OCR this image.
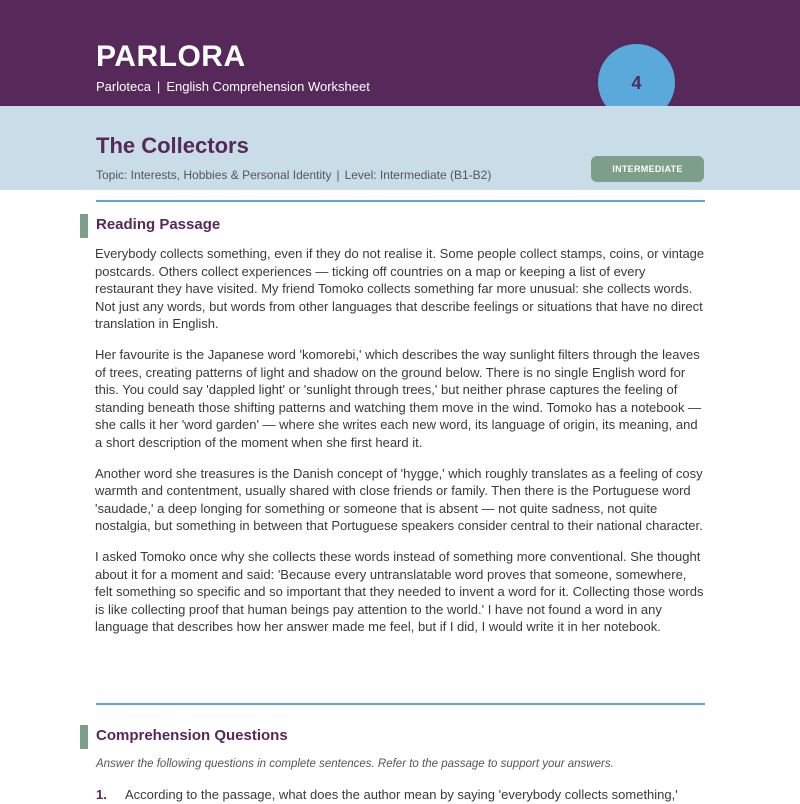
PARLORA
Parloteca | English Comprehension Worksheet	4
The Collectors
Topic: Interests, Hobbies & Personal Identity | Level: Intermediate (B1-B2)	INTERMEDIATE
Reading Passage

Everybody collects something, even if they do not realise it. Some people collect stamps, coins, or vintage postcards. Others collect experiences — ticking off countries on a map or keeping a list of every restaurant they have visited. My friend Tomoko collects something far more unusual: she collects words. Not just any words, but words from other languages that describe feelings or situations that have no direct translation in English.

Her favourite is the Japanese word 'komorebi,' which describes the way sunlight filters through the leaves of trees, creating patterns of light and shadow on the ground below. There is no single English word for this. You could say 'dappled light' or 'sunlight through trees,' but neither phrase captures the feeling of standing beneath those shifting patterns and watching them move in the wind. Tomoko has a notebook — she calls it her 'word garden' — where she writes each new word, its language of origin, its meaning, and a short description of the moment when she first heard it.

Another word she treasures is the Danish concept of 'hygge,' which roughly translates as a feeling of cosy warmth and contentment, usually shared with close friends or family. Then there is the Portuguese word 'saudade,' a deep longing for something or someone that is absent — not quite sadness, not quite nostalgia, but something in between that Portuguese speakers consider central to their national character.

I asked Tomoko once why she collects these words instead of something more conventional. She thought about it for a moment and said: 'Because every untranslatable word proves that someone, somewhere, felt something so specific and so important that they needed to invent a word for it. Collecting those words is like collecting proof that human beings pay attention to the world.' I have not found a word in any language that describes how her answer made me feel, but if I did, I would write it in her notebook.

Comprehension Questions
Answer the following questions in complete sentences. Refer to the passage to support your answers.
1. According to the passage, what does the author mean by saying 'everybody collects something,'
